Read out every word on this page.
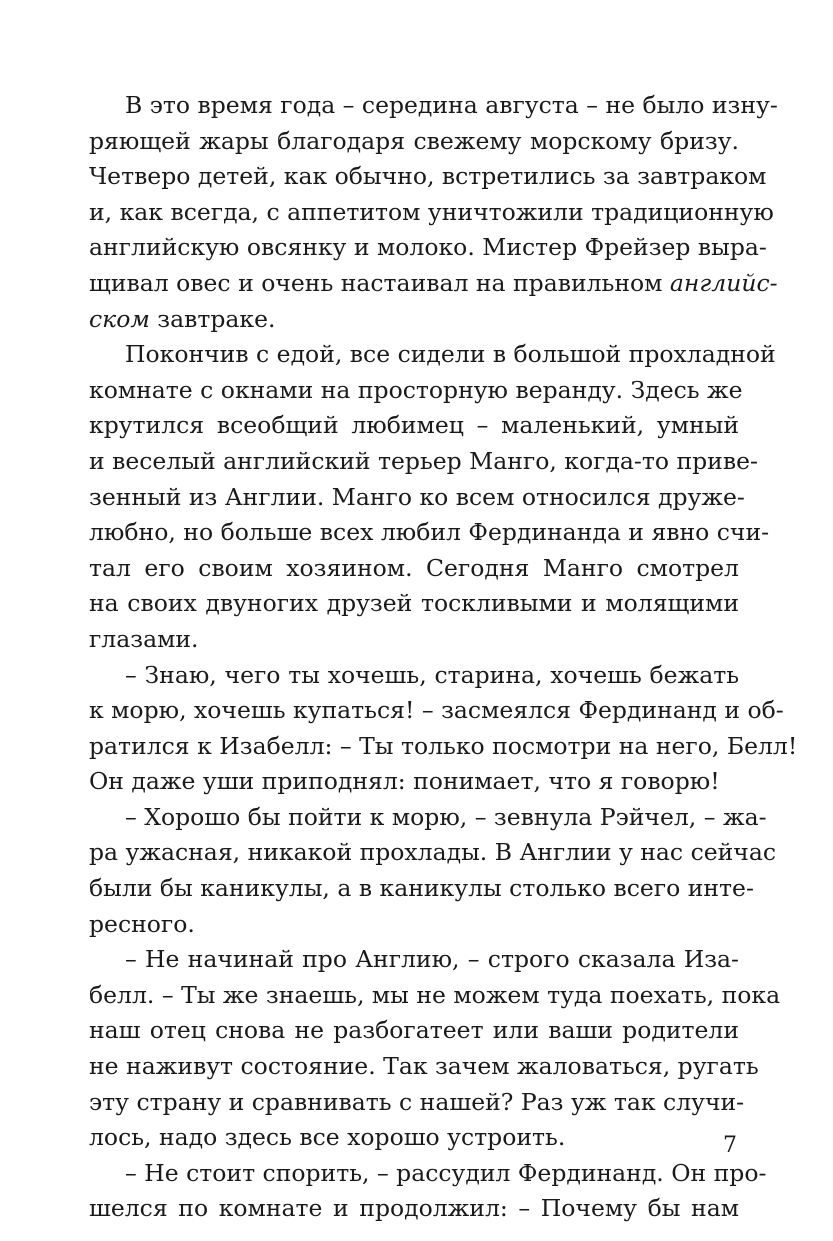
В это время года – середина августа – не было изну-
ряющей жары благодаря свежему морскому бризу.
Четверо детей, как обычно, встретились за завтраком
и, как всегда, с аппетитом уничтожили традиционную
английскую овсянку и молоко. Мистер Фрейзер выра-
щивал овес и очень настаивал на правильном английс-
ском завтраке.

Покончив с едой, все сидели в большой прохладной
комнате с окнами на просторную веранду. Здесь же
крутился всеобщий любимец – маленький, умный
и веселый английский терьер Манго, когда-то приве-
зенный из Англии. Манго ко всем относился друже-
любно, но больше всех любил Фердинанда и явно счи-
тал его своим хозяином. Сегодня Манго смотрел
на своих двуногих друзей тоскливыми и молящими
глазами.

– Знаю, чего ты хочешь, старина, хочешь бежать
к морю, хочешь купаться! – засмеялся Фердинанд и об-
ратился к Изабелл: – Ты только посмотри на него, Белл!
Он даже уши приподнял: понимает, что я говорю!

– Хорошо бы пойти к морю, – зевнула Рэйчел, – жа-
ра ужасная, никакой прохлады. В Англии у нас сейчас
были бы каникулы, а в каникулы столько всего инте-
ресного.

– Не начинай про Англию, – строго сказала Иза-
белл. – Ты же знаешь, мы не можем туда поехать, пока
наш отец снова не разбогатеет или ваши родители
не наживут состояние. Так зачем жаловаться, ругать
эту страну и сравнивать с нашей? Раз уж так случи-
лось, надо здесь все хорошо устроить.

– Не стоит спорить, – рассудил Фердинанд. Он про-
шелся по комнате и продолжил: – Почему бы нам

7
